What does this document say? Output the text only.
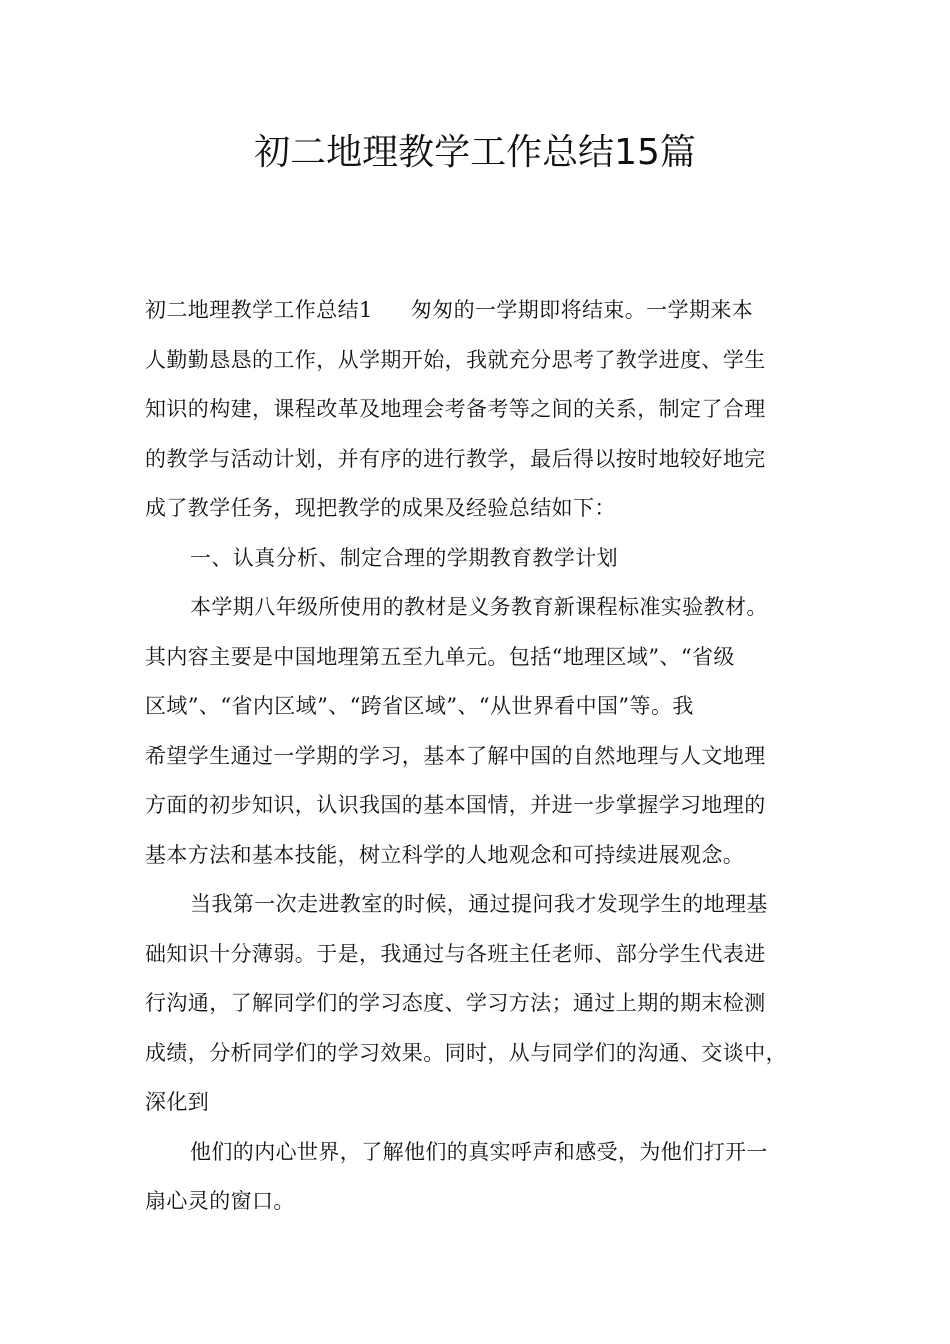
初二地理教学工作总结15篇
初二地理教学工作总结1 匆匆的一学期即将结束。一学期来本
人勤勤恳恳的工作，从学期开始，我就充分思考了教学进度、学生
知识的构建，课程改革及地理会考备考等之间的关系，制定了合理
的教学与活动计划，并有序的进行教学，最后得以按时地较好地完
成了教学任务，现把教学的成果及经验总结如下：
一、认真分析、制定合理的学期教育教学计划
本学期八年级所使用的教材是义务教育新课程标准实验教材。
其内容主要是中国地理第五至九单元。包括“地理区域”、“省级
区域”、“省内区域”、“跨省区域”、“从世界看中国”等。我
希望学生通过一学期的学习，基本了解中国的自然地理与人文地理
方面的初步知识，认识我国的基本国情，并进一步掌握学习地理的
基本方法和基本技能，树立科学的人地观念和可持续进展观念。
当我第一次走进教室的时候，通过提问我才发现学生的地理基
础知识十分薄弱。于是，我通过与各班主任老师、部分学生代表进
行沟通，了解同学们的学习态度、学习方法；通过上期的期末检测
成绩，分析同学们的学习效果。同时，从与同学们的沟通、交谈中，
深化到
他们的内心世界，了解他们的真实呼声和感受，为他们打开一
扇心灵的窗口。
